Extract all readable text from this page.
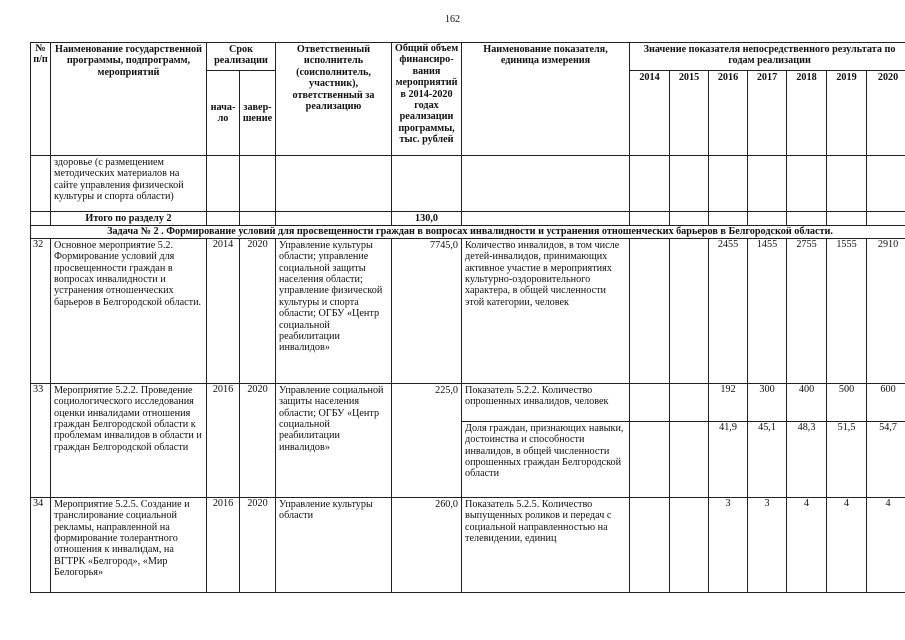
162
№ п/п	Наименование государственной программы, подпрограмм, мероприятий	Срок реализации		Ответственный исполнитель (соисполнитель, участник), ответственный за реализацию	Общий объем финансиро-вания мероприятий в 2014-2020 годах реализации программы, тыс. рублей	Наименование показателя, единица измерения	Значение показателя непосредственного результата по годам реализации						
		нача-ло	завер-шение				2014	2015	2016	2017	2018	2019	2020
	здоровье (с размещением методических материалов на сайте управления физической культуры и спорта области)												
	Итого по разделу 2				130,0								
Задача № 2 . Формирование условий для просвещенности граждан в вопросах инвалидности и устранения отношенческих барьеров в Белгородской области.													
32	Основное мероприятие 5.2. Формирование условий для просвещенности граждан в вопросах инвалидности и устранения отношенческих барьеров в Белгородской области.	2014	2020	Управление культуры области; управление социальной защиты населения области; управление физической культуры и спорта области; ОГБУ «Центр социальной реабилитации инвалидов»	7745,0	Количество инвалидов, в том числе детей-инвалидов, принимающих активное участие в мероприятиях культурно-оздоровительного характера, в общей численности этой категории, человек			2455	1455	2755	1555	2910
33	Мероприятие 5.2.2. Проведение социологического исследования оценки инвалидами отношения граждан Белгородской области к проблемам инвалидов в области и граждан Белгородской области	2016	2020	Управление социальной защиты населения области; ОГБУ «Центр социальной реабилитации инвалидов»	225,0	Показатель 5.2.2. Количество опрошенных инвалидов, человек			192	300	400	500	600
						Доля граждан, признающих навыки, достоинства и способности инвалидов, в общей численности опрошенных граждан Белгородской области			41,9	45,1	48,3	51,5	54,7
34	Мероприятие 5.2.5. Создание и транслирование социальной рекламы, направленной на формирование толерантного отношения к инвалидам, на ВГТРК «Белгород», «Мир Белогорья»	2016	2020	Управление культуры области	260,0	Показатель 5.2.5. Количество выпущенных роликов и передач с социальной направленностью на телевидении, единиц			3	3	4	4	4
